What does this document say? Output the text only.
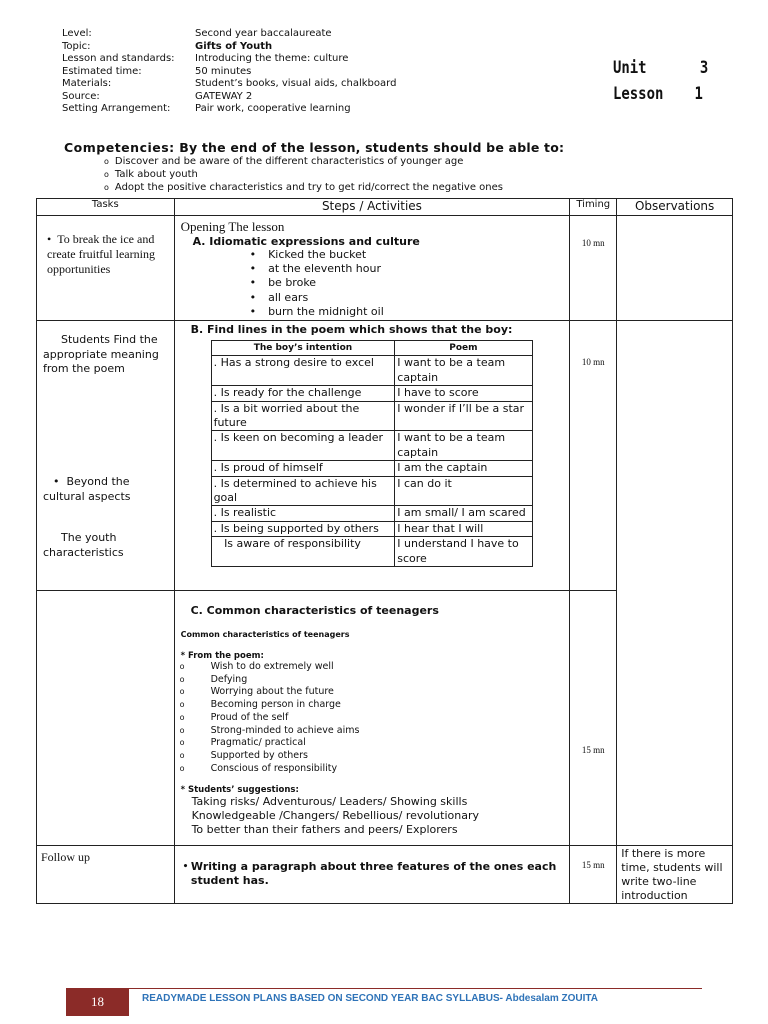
Level:	Second year baccalaureate
Topic:	Gifts of Youth
Lesson and standards: Introducing the theme: culture
Estimated time:	50 minutes
Materials:	Student’s books, visual aids, chalkboard
Source:	GATEWAY 2
Setting Arrangement: Pair work, cooperative learning
Unit	3
Lesson 1
Competencies: By the end of the lesson, students should be able to:
o Discover and be aware of the different characteristics of younger age
o Talk about youth
o Adopt the positive characteristics and try to get rid/correct the negative ones
Tasks	Steps / Activities	Timing	Observations
•  To break the ice and create fruitful learning opportunities	
Opening The lesson
A. Idiomatic expressions and culture
• Kicked the bucket
• at the eleventh hour
• be broke
• all ears
• burn the midnight oil
	10 mn	

Students Find the appropriate meaning from the poem
•  Beyond the cultural aspects
The youth characteristics

B. Find lines in the poem which shows that the boy:
The boy’s intention	Poem
. Has a strong desire to excel	I want to be a team captain
. Is ready for the challenge	I have to score
. Is a bit worried about the future	I wonder if I’ll be a star
. Is keen on becoming a leader	I want to be a team captain
. Is proud of himself	I am the captain
. Is determined to achieve his goal	I can do it
. Is realistic	I am small/ I am scared
. Is being supported by others	I hear that I will
Is aware of responsibility	I understand I have to score
	10 mn	

C. Common characteristics of teenagers
Common characteristics of teenagers
* From the poem:
o	Wish to do extremely well
o	Defying
o	Worrying about the future
o	Becoming person in charge
o	Proud of the self
o	Strong-minded to achieve aims
o	Pragmatic/ practical
o	Supported by others
o	Conscious of responsibility
* Students’ suggestions:
Taking risks/ Adventurous/ Leaders/ Showing skills
Knowledgeable /Changers/ Rebellious/ revolutionary
To better than their fathers and peers/ Explorers
	15 mn
Follow up	
• Writing a paragraph about three features of the ones each student has.
	15 mn	If there is more time, students will write two-line introduction
18	READYMADE LESSON PLANS BASED ON SECOND YEAR BAC SYLLABUS- Abdesalam ZOUITA
